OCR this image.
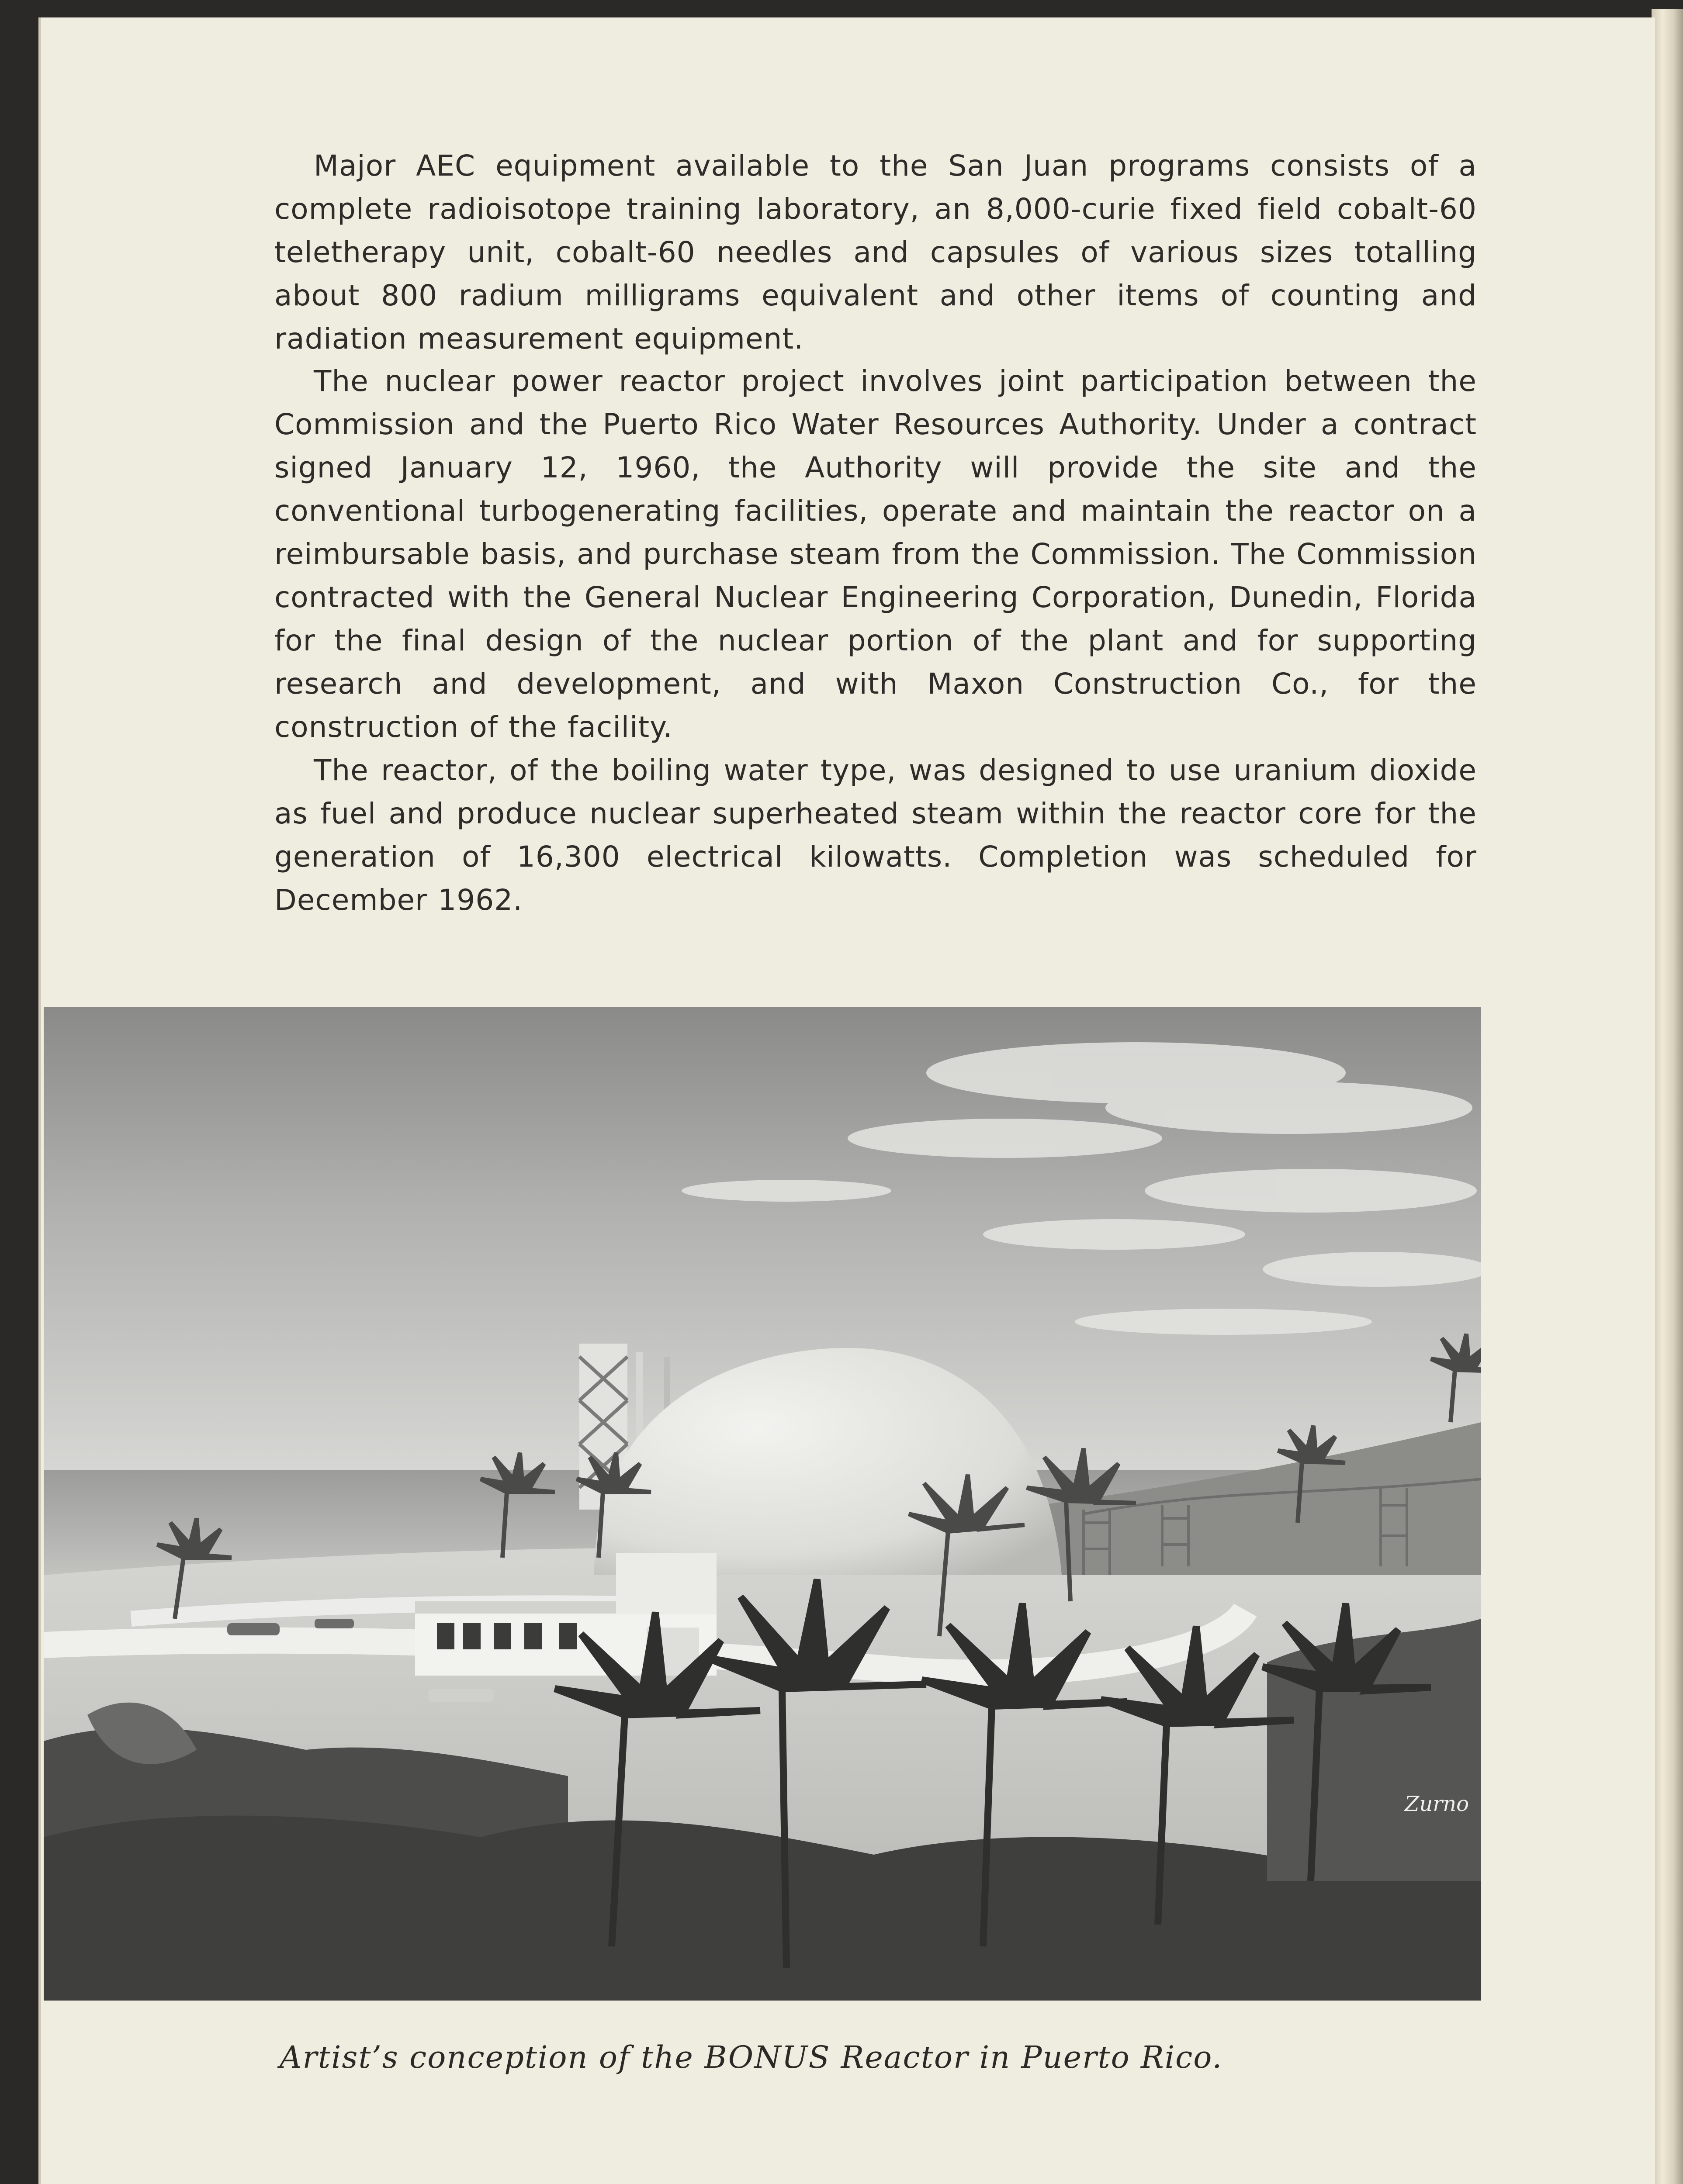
Major AEC equipment available to the San Juan programs consists of a complete radioisotope training laboratory, an 8,000-curie fixed field cobalt-60 teletherapy unit, cobalt-60 needles and capsules of various sizes totalling about 800 radium milligrams equivalent and other items of counting and radiation measurement equipment.

The nuclear power reactor project involves joint participation between the Commission and the Puerto Rico Water Resources Authority. Under a contract signed January 12, 1960, the Authority will provide the site and the conventional turbogenerating facilities, operate and maintain the reactor on a reimbursable basis, and purchase steam from the Commission. The Commission contracted with the General Nuclear Engineering Corporation, Dunedin, Florida for the final design of the nuclear portion of the plant and for supporting research and development, and with Maxon Construction Co., for the construction of the facility.

The reactor, of the boiling water type, was designed to use uranium dioxide as fuel and produce nuclear superheated steam within the reactor core for the generation of 16,300 electrical kilowatts. Completion was scheduled for December 1962.

Zurno

Artist’s conception of the BONUS Reactor in Puerto Rico.
